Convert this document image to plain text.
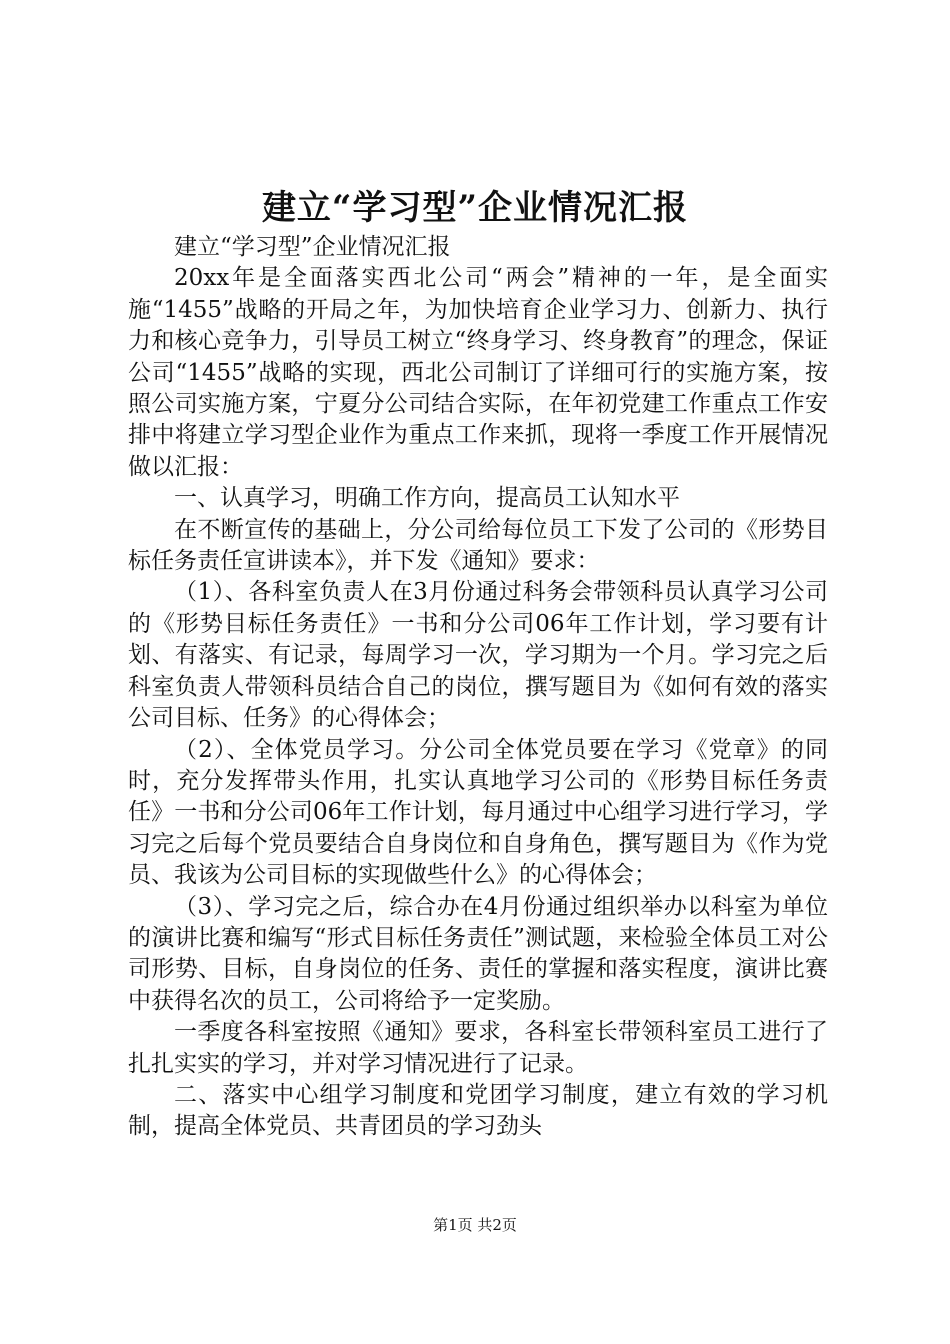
建立“学习型”企业情况汇报

建立“学习型”企业情况汇报

20xx年是全面落实西北公司“两会”精神的一年，是全面实施“1455”战略的开局之年，为加快培育企业学习力、创新力、执行力和核心竞争力，引导员工树立“终身学习、终身教育”的理念，保证公司“1455”战略的实现，西北公司制订了详细可行的实施方案，按照公司实施方案，宁夏分公司结合实际，在年初党建工作重点工作安排中将建立学习型企业作为重点工作来抓，现将一季度工作开展情况做以汇报：

一、认真学习，明确工作方向，提高员工认知水平

在不断宣传的基础上，分公司给每位员工下发了公司的《形势目标任务责任宣讲读本》，并下发《通知》要求：

（1）、各科室负责人在3月份通过科务会带领科员认真学习公司的《形势目标任务责任》一书和分公司06年工作计划，学习要有计划、有落实、有记录，每周学习一次，学习期为一个月。学习完之后科室负责人带领科员结合自己的岗位，撰写题目为《如何有效的落实公司目标、任务》的心得体会；

（2）、全体党员学习。分公司全体党员要在学习《党章》的同时，充分发挥带头作用，扎实认真地学习公司的《形势目标任务责任》一书和分公司06年工作计划，每月通过中心组学习进行学习，学习完之后每个党员要结合自身岗位和自身角色，撰写题目为《作为党员、我该为公司目标的实现做些什么》的心得体会；

（3）、学习完之后，综合办在4月份通过组织举办以科室为单位的演讲比赛和编写“形式目标任务责任”测试题，来检验全体员工对公司形势、目标，自身岗位的任务、责任的掌握和落实程度，演讲比赛中获得名次的员工，公司将给予一定奖励。

一季度各科室按照《通知》要求，各科室长带领科室员工进行了扎扎实实的学习，并对学习情况进行了记录。

二、落实中心组学习制度和党团学习制度，建立有效的学习机制，提高全体党员、共青团员的学习劲头

第1页 共2页
